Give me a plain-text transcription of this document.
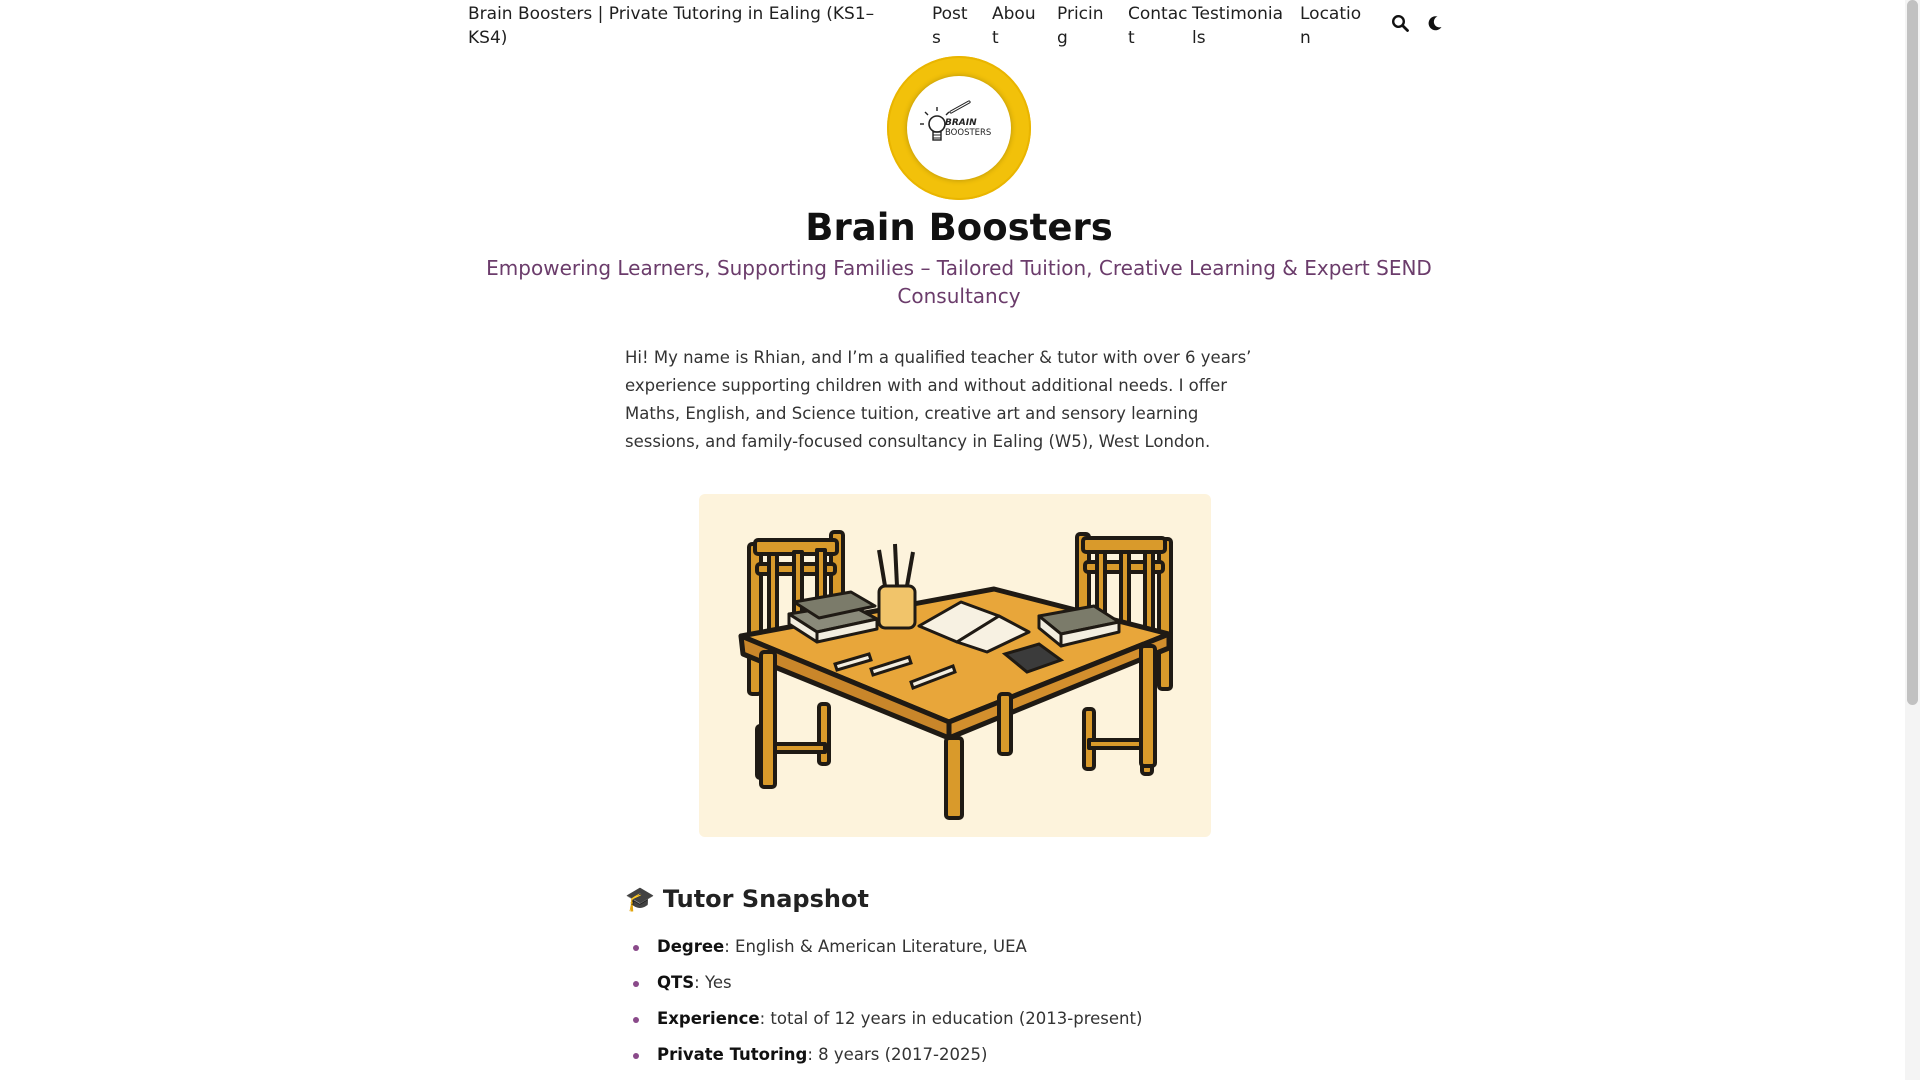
Brain Boosters | Private Tutoring in Ealing (KS1–KS4)
Posts
About
Pricing
Contact
Testimonials
Location
BRAIN
BOOSTERS
Brain Boosters
Empowering Learners, Supporting Families – Tailored Tuition, Creative Learning & Expert SEND Consultancy

Hi! My name is Rhian, and I’m a qualified teacher & tutor with over 6 years’ experience supporting children with and without additional needs. I offer Maths, English, and Science tuition, creative art and sensory learning sessions, and family-focused consultancy in Ealing (W5), West London.

🎓 Tutor Snapshot
Degree: English & American Literature, UEA
QTS: Yes
Experience: total of 12 years in education (2013-present)
Private Tutoring: 8 years (2017-2025)
